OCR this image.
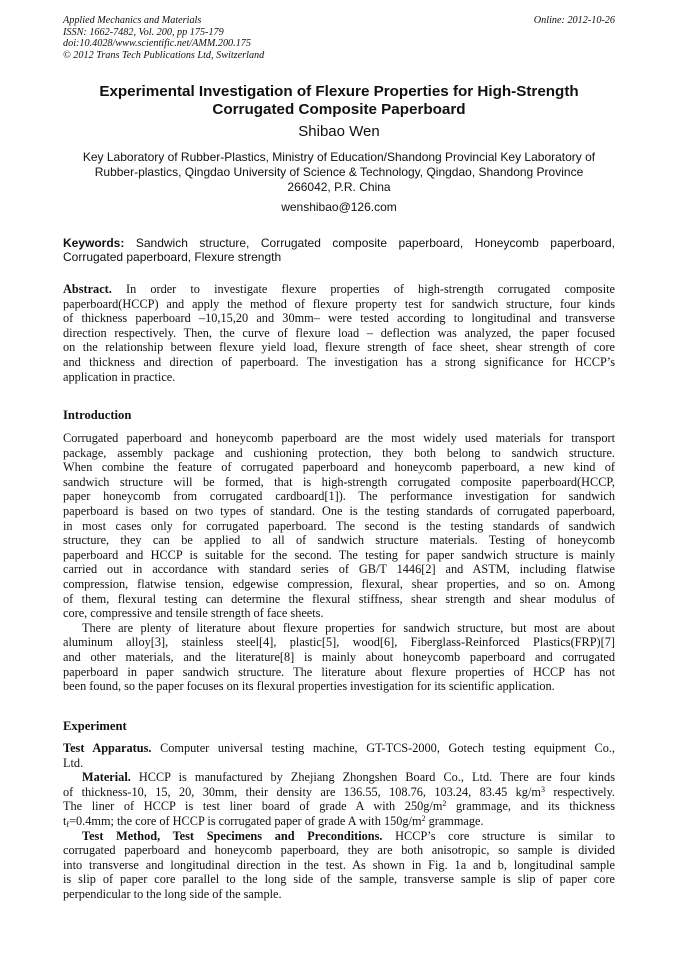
Applied Mechanics and Materials
ISSN: 1662-7482, Vol. 200, pp 175-179
doi:10.4028/www.scientific.net/AMM.200.175
© 2012 Trans Tech Publications Ltd, Switzerland
Online: 2012-10-26
Experimental Investigation of Flexure Properties for High-Strength
Corrugated Composite Paperboard
Shibao Wen
Key Laboratory of Rubber-Plastics, Ministry of Education/Shandong Provincial Key Laboratory of
Rubber-plastics, Qingdao University of Science & Technology, Qingdao, Shandong Province
266042, P.R. China
wenshibao@126.com
Keywords: Sandwich structure, Corrugated composite paperboard, Honeycomb paperboard, Corrugated paperboard, Flexure strength
Abstract. In order to investigate flexure properties of high-strength corrugated composite
paperboard(HCCP) and apply the method of flexure property test for sandwich structure, four kinds
of thickness paperboard –10,15,20 and 30mm– were tested according to longitudinal and transverse
direction respectively. Then, the curve of flexure load – deflection was analyzed, the paper focused
on the relationship between flexure yield load, flexure strength of face sheet, shear strength of core
and thickness and direction of paperboard. The investigation has a strong significance for HCCP’s
application in practice.
Introduction
Corrugated paperboard and honeycomb paperboard are the most widely used materials for transport
package, assembly package and cushioning protection, they both belong to sandwich structure.
When combine the feature of corrugated paperboard and honeycomb paperboard, a new kind of
sandwich structure will be formed, that is high-strength corrugated composite paperboard(HCCP,
paper honeycomb from corrugated cardboard[1]). The performance investigation for sandwich
paperboard is based on two types of standard. One is the testing standards of corrugated paperboard,
in most cases only for corrugated paperboard. The second is the testing standards of sandwich
structure, they can be applied to all of sandwich structure materials. Testing of honeycomb
paperboard and HCCP is suitable for the second. The testing for paper sandwich structure is mainly
carried out in accordance with standard series of GB/T 1446[2] and ASTM, including flatwise
compression, flatwise tension, edgewise compression, flexural, shear properties, and so on. Among
of them, flexural testing can determine the flexural stiffness, shear strength and shear modulus of
core, compressive and tensile strength of face sheets.
There are plenty of literature about flexure properties for sandwich structure, but most are about
aluminum alloy[3], stainless steel[4], plastic[5], wood[6], Fiberglass-Reinforced Plastics(FRP)[7]
and other materials, and the literature[8] is mainly about honeycomb paperboard and corrugated
paperboard in paper sandwich structure. The literature about flexure properties of HCCP has not
been found, so the paper focuses on its flexural properties investigation for its scientific application.
Experiment
Test Apparatus. Computer universal testing machine, GT-TCS-2000, Gotech testing equipment Co.,
Ltd.
Material. HCCP is manufactured by Zhejiang Zhongshen Board Co., Ltd. There are four kinds
of thickness-10, 15, 20, 30mm, their density are 136.55, 108.76, 103.24, 83.45 $kg/m^3$ respectively.
The liner of HCCP is test liner board of grade A with $250g/m^2$ grammage, and its thickness
$t_f=0.4mm$; the core of HCCP is corrugated paper of grade A with $150g/m^2$ grammage.
Test Method, Test Specimens and Preconditions. HCCP’s core structure is similar to
corrugated paperboard and honeycomb paperboard, they are both anisotropic, so sample is divided
into transverse and longitudinal direction in the test. As shown in Fig. 1a and b, longitudinal sample
is slip of paper core parallel to the long side of the sample, transverse sample is slip of paper core
perpendicular to the long side of the sample.
